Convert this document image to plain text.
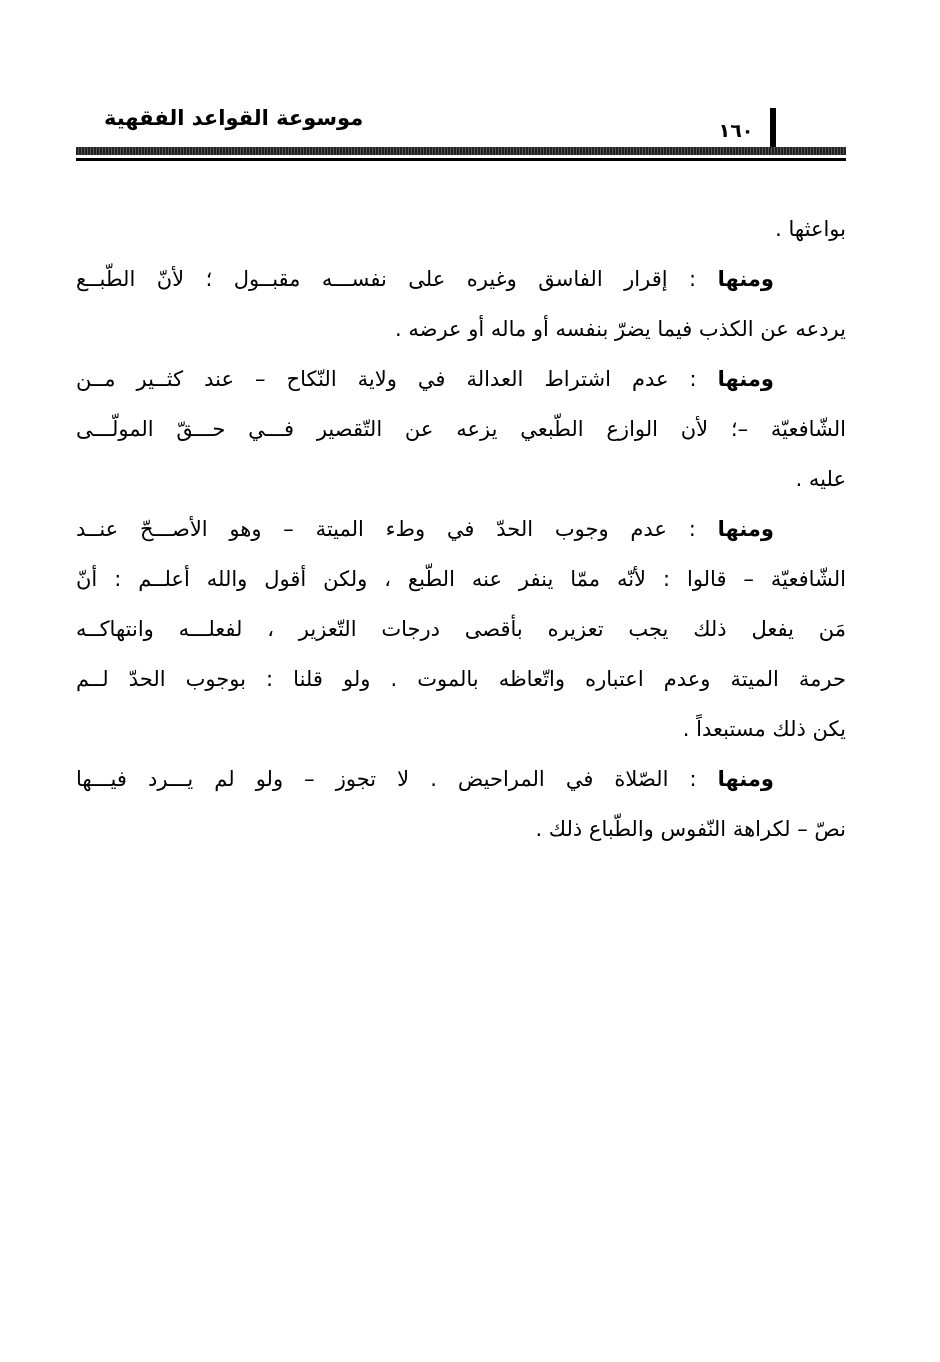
موسوعة القواعد الفقهية
١٦٠
بواعثها .
ومنها : إقرار الفاسق وغيره على نفســـه مقبــول ؛ لأنّ الطّبــع
يردعه عن الكذب فيما يضرّ بنفسه أو ماله أو عرضه .
ومنها : عدم اشتراط العدالة في ولاية النّكاح – عند كثــير مــن
الشّافعيّة –؛ لأن الوازع الطّبعي يزعه عن التّقصير فـــي حـــقّ المولّـــى
عليه .
ومنها : عدم وجوب الحدّ في وطء الميتة – وهو الأصـــحّ عنــد
الشّافعيّة – قالوا : لأنّه ممّا ينفر عنه الطّبع ، ولكن أقول والله أعلــم : أنّ
مَن يفعل ذلك يجب تعزيره بأقصى درجات التّعزير ، لفعلـــه وانتهاكــه
حرمة الميتة وعدم اعتباره واتّعاظه بالموت . ولو قلنا : بوجوب الحدّ لــم
يكن ذلك مستبعداً .
ومنها : الصّلاة في المراحيض . لا تجوز – ولو لم يـــرد فيـــها
نصّ – لكراهة النّفوس والطّباع ذلك .
